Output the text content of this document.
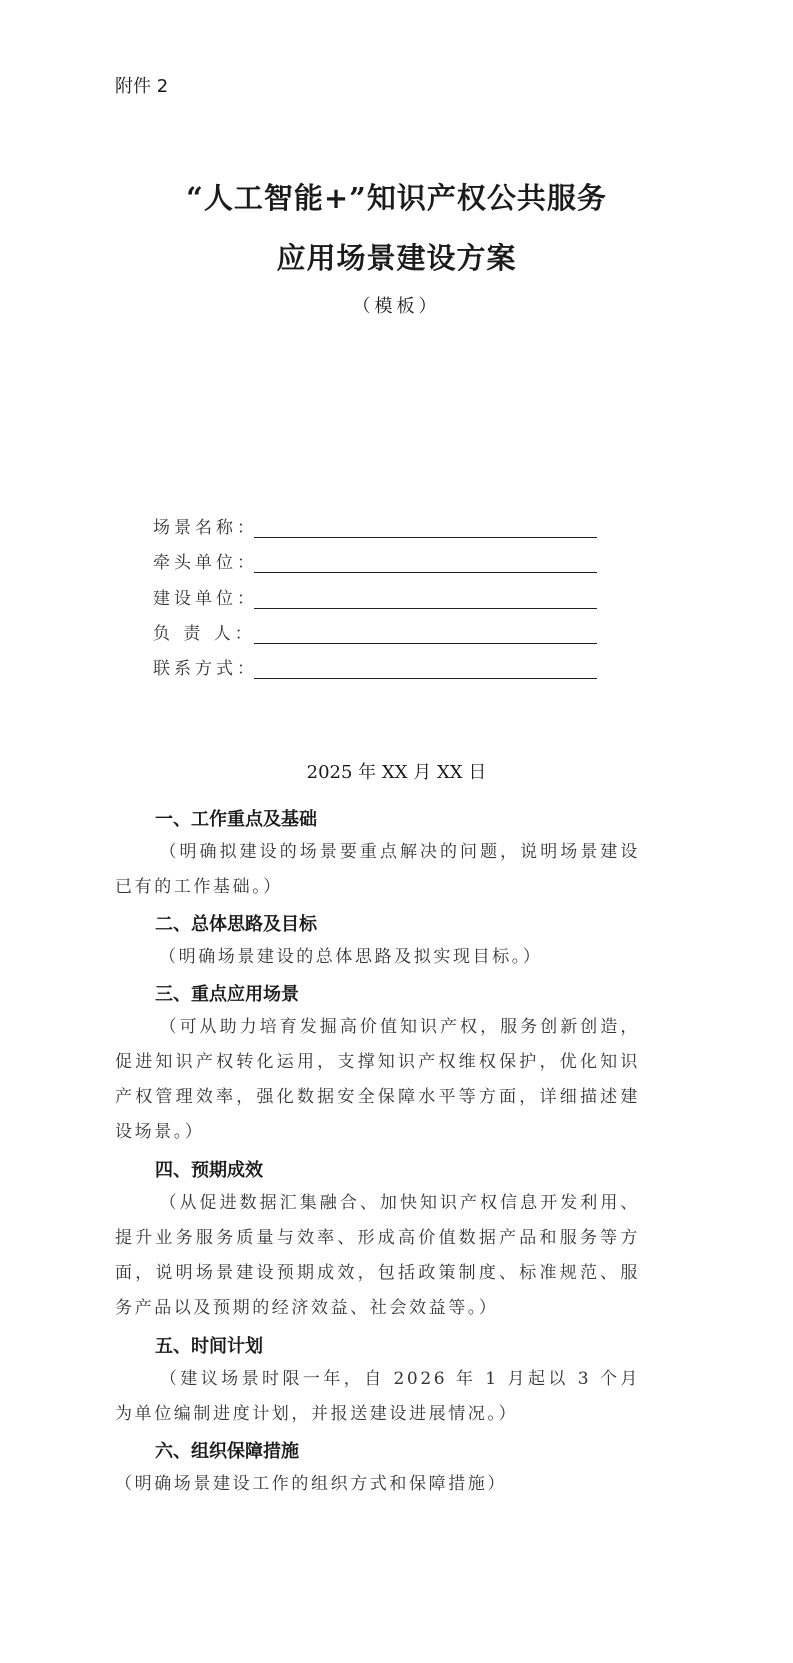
附件 2
“人工智能+”知识产权公共服务
应用场景建设方案
（模板）
场景名称：
牵头单位：
建设单位：
负 责 人：
联系方式：
2025 年 XX 月 XX 日
一、工作重点及基础
（明确拟建设的场景要重点解决的问题，说明场景建设已有的工作基础。）
二、总体思路及目标
（明确场景建设的总体思路及拟实现目标。）
三、重点应用场景
（可从助力培育发掘高价值知识产权，服务创新创造，促进知识产权转化运用，支撑知识产权维权保护，优化知识产权管理效率，强化数据安全保障水平等方面，详细描述建设场景。）
四、预期成效
（从促进数据汇集融合、加快知识产权信息开发利用、提升业务服务质量与效率、形成高价值数据产品和服务等方面，说明场景建设预期成效，包括政策制度、标准规范、服务产品以及预期的经济效益、社会效益等。）
五、时间计划
（建议场景时限一年，自 2026 年 1 月起以 3 个月为单位编制进度计划，并报送建设进展情况。）
六、组织保障措施
（明确场景建设工作的组织方式和保障措施）
